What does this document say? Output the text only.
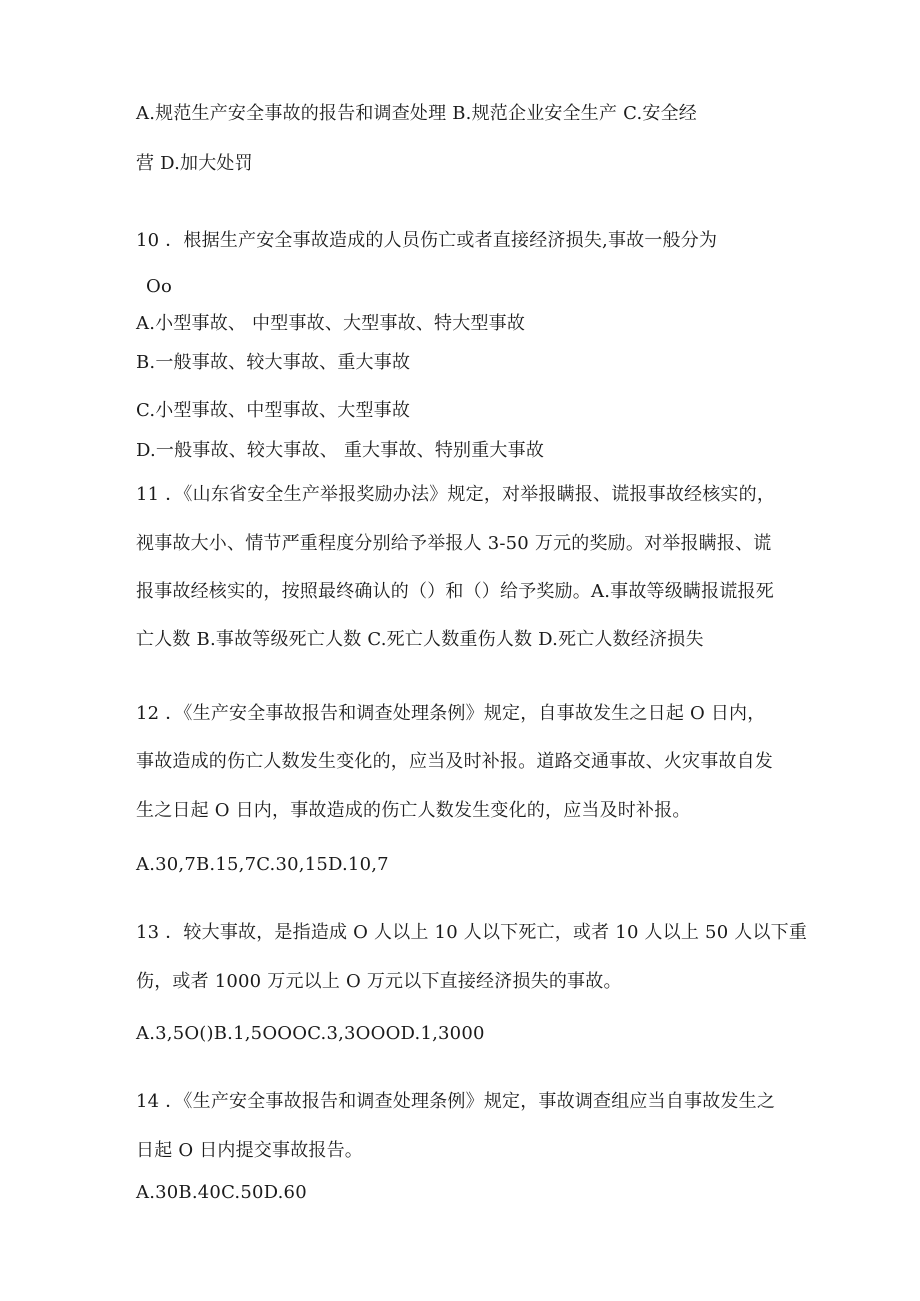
A.规范生产安全事故的报告和调查处理 B.规范企业安全生产 C.安全经
营 D.加大处罚
10 ．根据生产安全事故造成的人员伤亡或者直接经济损失,事故一般分为
Oo
A.小型事故、 中型事故、大型事故、特大型事故
B.一般事故、较大事故、重大事故
C.小型事故、中型事故、大型事故
D.一般事故、较大事故、 重大事故、特别重大事故
11 ．《山东省安全生产举报奖励办法》规定，对举报瞒报、谎报事故经核实的，
视事故大小、情节严重程度分别给予举报人 3-50 万元的奖励。对举报瞒报、谎
报事故经核实的，按照最终确认的（）和（）给予奖励。A.事故等级瞒报谎报死
亡人数 B.事故等级死亡人数 C.死亡人数重伤人数 D.死亡人数经济损失
12 ．《生产安全事故报告和调查处理条例》规定，自事故发生之日起 O 日内，
事故造成的伤亡人数发生变化的，应当及时补报。道路交通事故、火灾事故自发
生之日起 O 日内，事故造成的伤亡人数发生变化的，应当及时补报。
A.30,7B.15,7C.30,15D.10,7
13 ．较大事故，是指造成 O 人以上 10 人以下死亡，或者 10 人以上 50 人以下重
伤，或者 1000 万元以上 O 万元以下直接经济损失的事故。
A.3,5O()B.1,5OOOC.3,3OOOD.1,3000
14 ．《生产安全事故报告和调查处理条例》规定，事故调查组应当自事故发生之
日起 O 日内提交事故报告。
A.30B.40C.50D.60
